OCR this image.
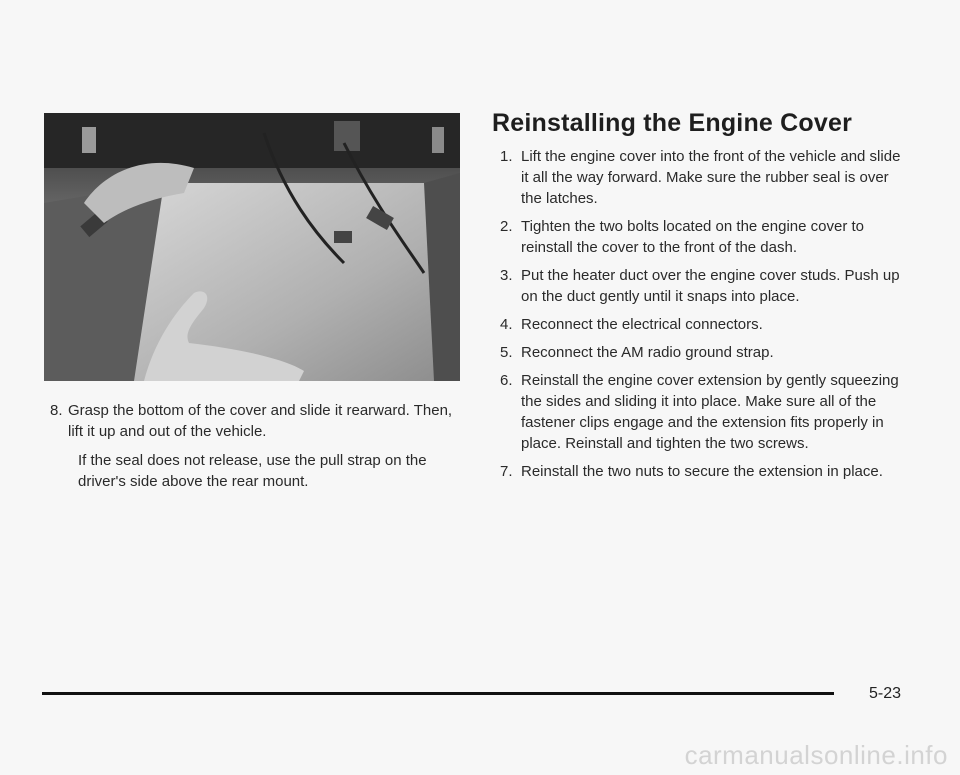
8. Grasp the bottom of the cover and slide it rearward. Then, lift it up and out of the vehicle.
If the seal does not release, use the pull strap on the driver's side above the rear mount.
Reinstalling the Engine Cover
1. Lift the engine cover into the front of the vehicle and slide it all the way forward. Make sure the rubber seal is over the latches.
2. Tighten the two bolts located on the engine cover to reinstall the cover to the front of the dash.
3. Put the heater duct over the engine cover studs. Push up on the duct gently until it snaps into place.
4. Reconnect the electrical connectors.
5. Reconnect the AM radio ground strap.
6. Reinstall the engine cover extension by gently squeezing the sides and sliding it into place. Make sure all of the fastener clips engage and the extension fits properly in place. Reinstall and tighten the two screws.
7. Reinstall the two nuts to secure the extension in place.
5-23
carmanualsonline.info
